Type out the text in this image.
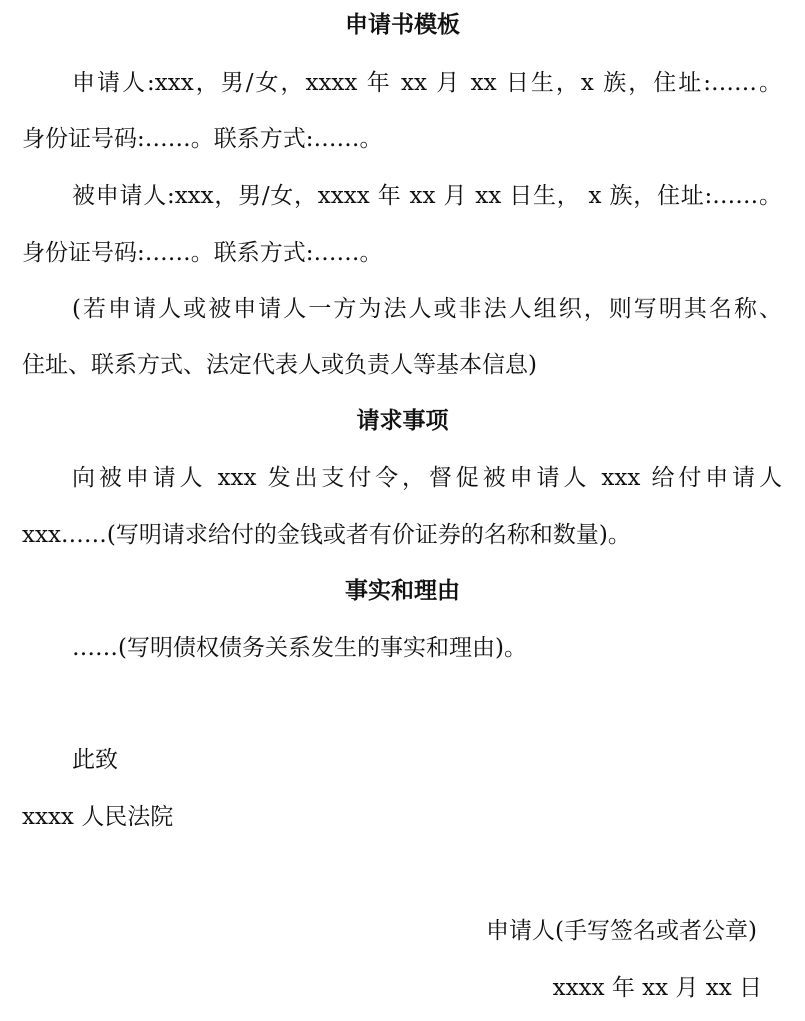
申请书模板
申请人:xxx，男/女，xxxx 年 xx 月 xx 日生，x 族，住址:……。
身份证号码:……。联系方式:……。
被申请人:xxx，男/女，xxxx 年 xx 月 xx 日生， x 族，住址:……。
身份证号码:……。联系方式:……。
(若申请人或被申请人一方为法人或非法人组织，则写明其名称、
住址、联系方式、法定代表人或负责人等基本信息)
请求事项
向被申请人 xxx 发出支付令，督促被申请人 xxx 给付申请人
xxx……(写明请求给付的金钱或者有价证券的名称和数量)。
事实和理由
……(写明债权债务关系发生的事实和理由)。
此致
xxxx 人民法院
申请人(手写签名或者公章)
xxxx 年 xx 月 xx 日
